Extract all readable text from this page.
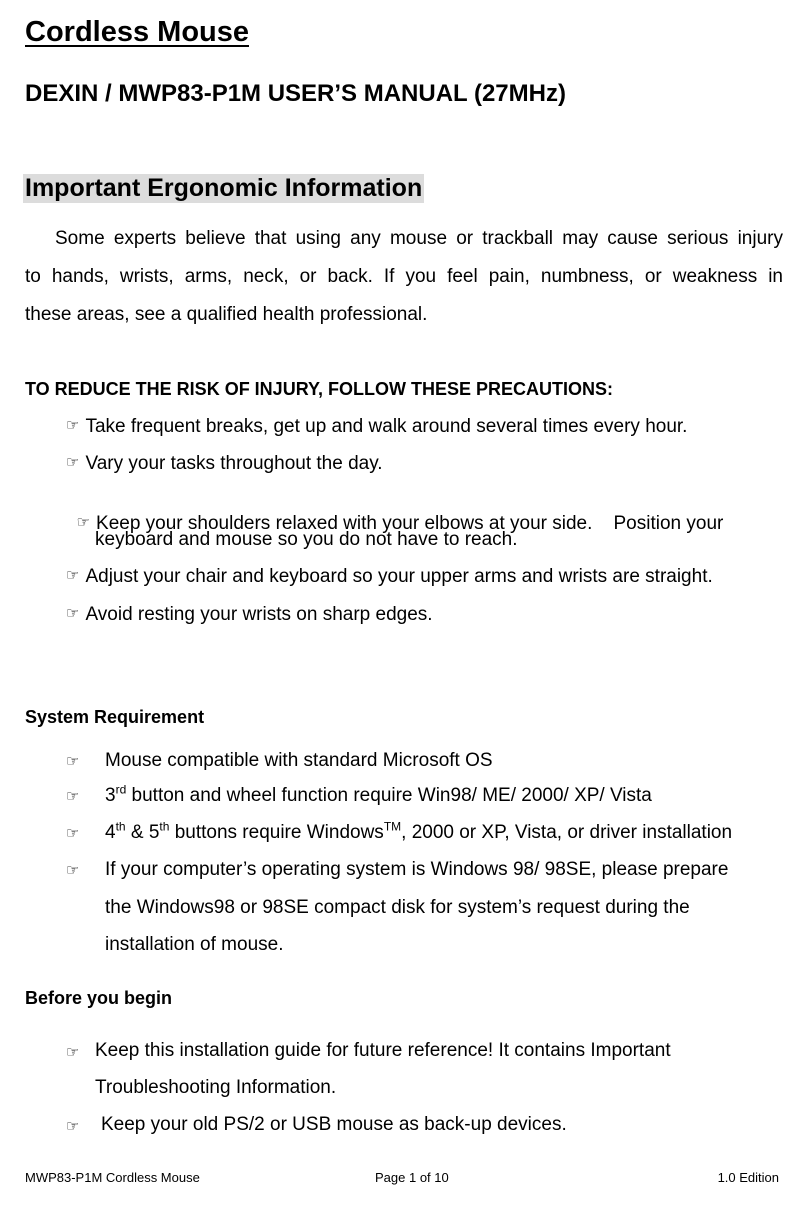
Cordless Mouse
DEXIN / MWP83-P1M USER’S MANUAL (27MHz)
Important Ergonomic Information
Some experts believe that using any mouse or trackball may cause serious injury
to hands, wrists, arms, neck, or back. If you feel pain, numbness, or weakness in
these areas, see a qualified health professional.
TO REDUCE THE RISK OF INJURY, FOLLOW THESE PRECAUTIONS:
☞ Take frequent breaks, get up and walk around several times every hour.
☞ Vary your tasks throughout the day.

☞ Keep your shoulders relaxed with your elbows at your side.    Position your

keyboard and mouse so you do not have to reach.
☞ Adjust your chair and keyboard so your upper arms and wrists are straight.
☞ Avoid resting your wrists on sharp edges.
System Requirement
☞ Mouse compatible with standard Microsoft OS
☞ 3rd button and wheel function require Win98/ ME/ 2000/ XP/ Vista
☞ 4th & 5th buttons require Windows™, 2000 or XP, Vista, or driver installation
☞ If your computer’s operating system is Windows 98/ 98SE, please prepare
the Windows98 or 98SE compact disk for system’s request during the
installation of mouse.
Before you begin
☞ Keep this installation guide for future reference! It contains Important
Troubleshooting Information.
☞ Keep your old PS/2 or USB mouse as back-up devices.
MWP83-P1M Cordless Mouse	Page 1 of 10	1.0 Edition
